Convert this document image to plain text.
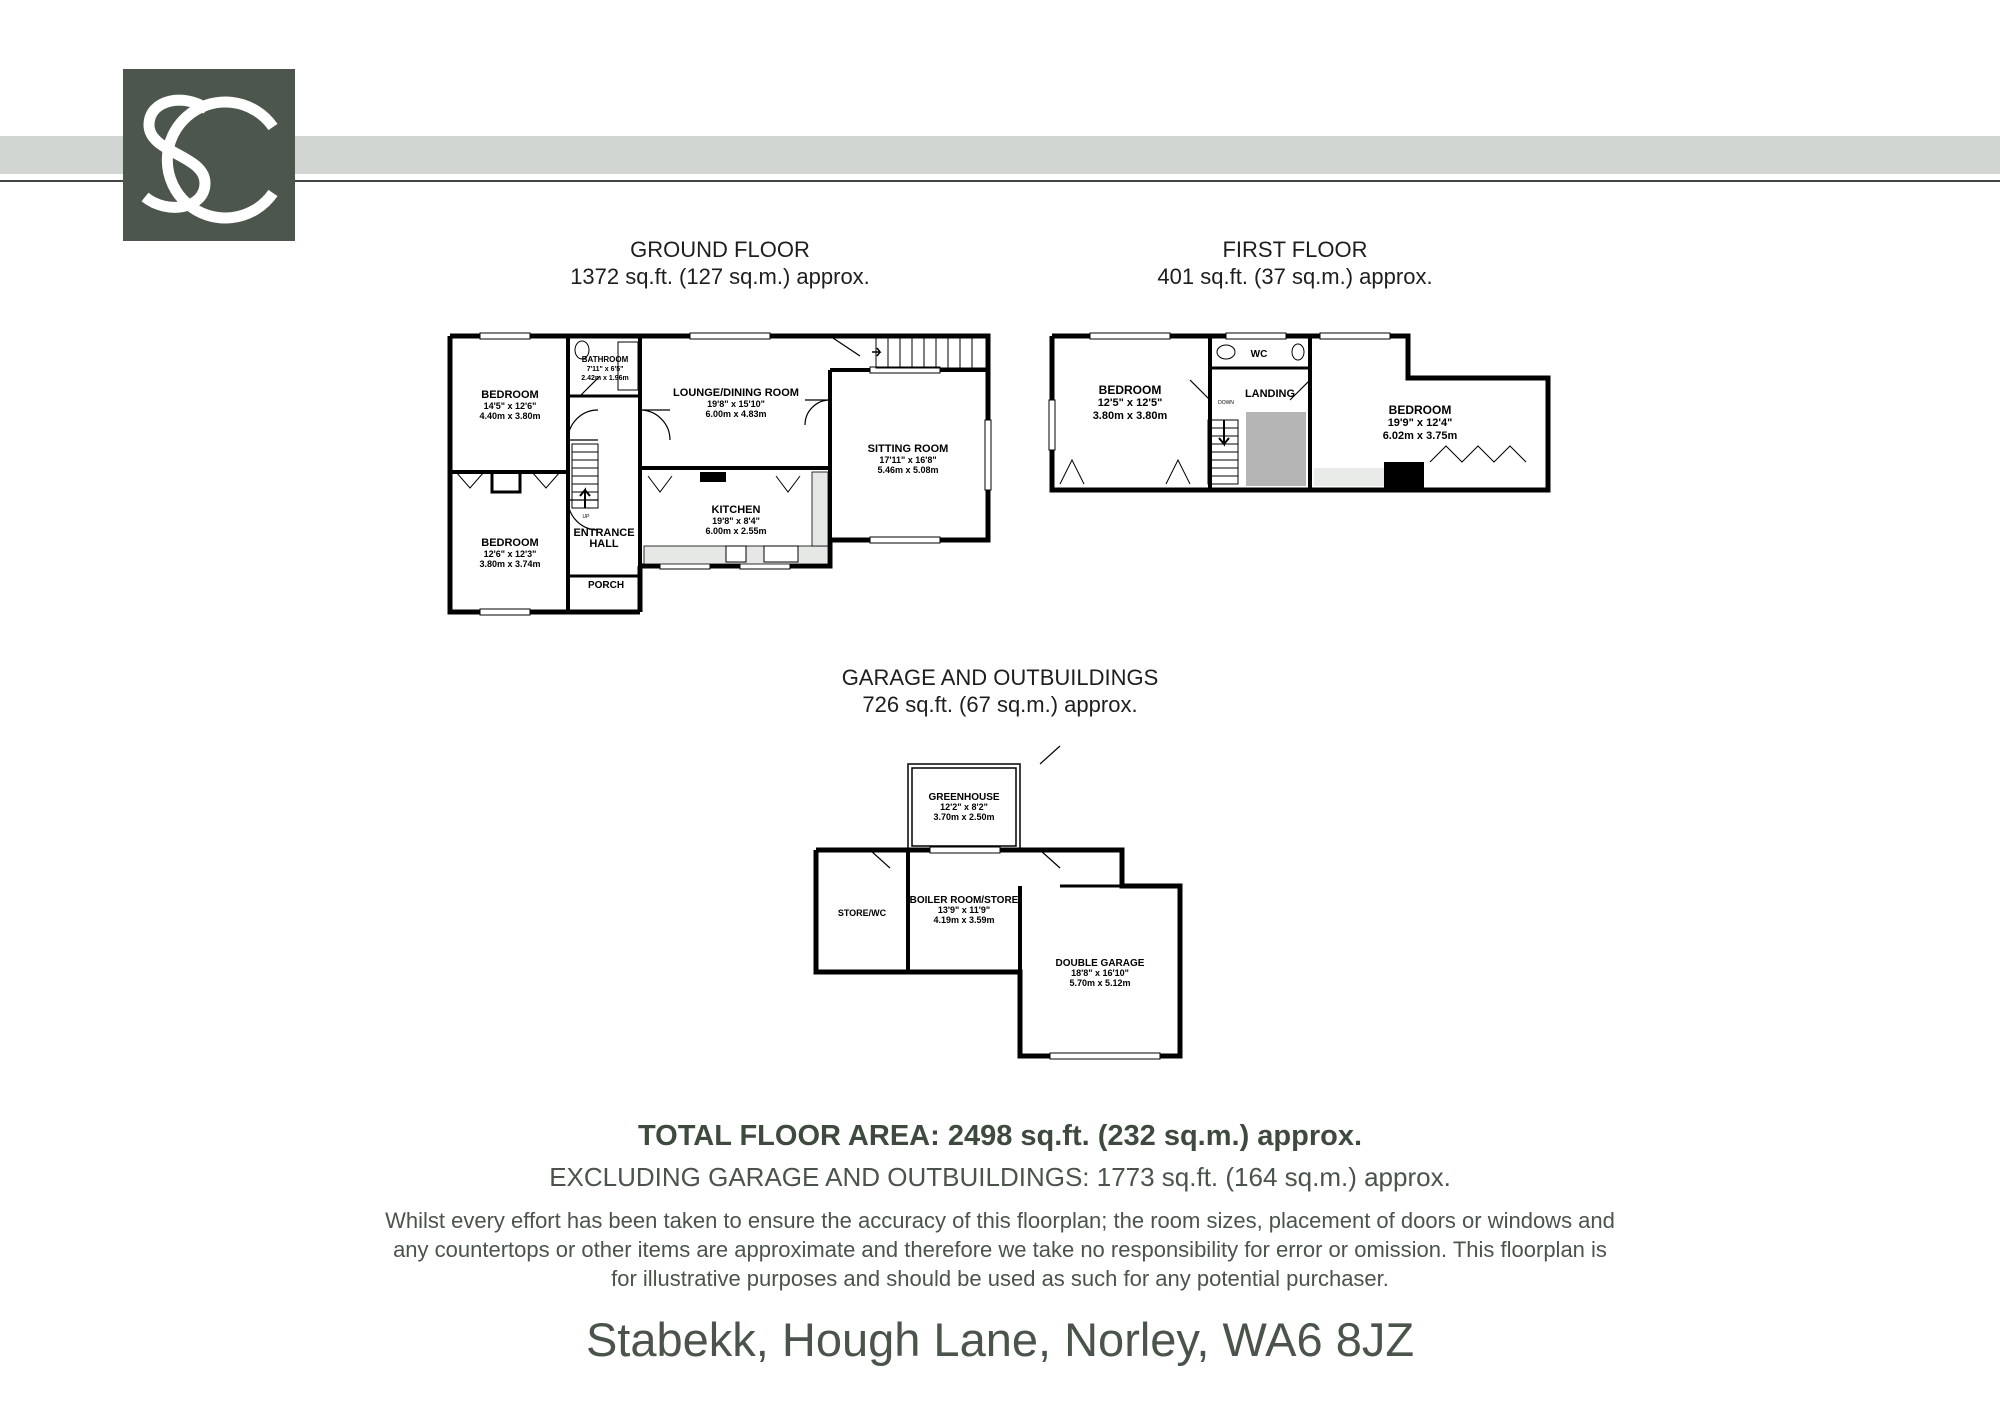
GROUND FLOOR
1372 sq.ft. (127 sq.m.) approx.
FIRST FLOOR
401 sq.ft. (37 sq.m.) approx.
GARAGE AND OUTBUILDINGS
726 sq.ft. (67 sq.m.) approx.
BEDROOM
14'5" x 12'6"
4.40m x 3.80m
BATHROOM
7'11" x 6'5"
2.42m x 1.96m
LOUNGE/DINING ROOM
19'8" x 15'10"
6.00m x 4.83m
SITTING ROOM
17'11" x 16'8"
5.46m x 5.08m
KITCHEN
19'8" x 8'4"
6.00m x 2.55m
BEDROOM
12'6" x 12'3"
3.80m x 3.74m
ENTRANCE
HALL
PORCH
UP
BEDROOM
12'5" x 12'5"
3.80m x 3.80m
WC
LANDING
DOWN	BEDROOM
19'9" x 12'4"
6.02m x 3.75m
GREENHOUSE
12'2" x 8'2"
3.70m x 2.50m
STORE/WC
BOILER ROOM/STORE
13'9" x 11'9"
4.19m x 3.59m
DOUBLE GARAGE
18'8" x 16'10"
5.70m x 5.12m
TOTAL FLOOR AREA: 2498 sq.ft. (232 sq.m.) approx.
EXCLUDING GARAGE AND OUTBUILDINGS: 1773 sq.ft. (164 sq.m.) approx.
Whilst every effort has been taken to ensure the accuracy of this floorplan; the room sizes, placement of doors or windows and any countertops or other items are approximate and therefore we take no responsibility for error or omission. This floorplan is for illustrative purposes and should be used as such for any potential purchaser.
Stabekk, Hough Lane, Norley, WA6 8JZ
